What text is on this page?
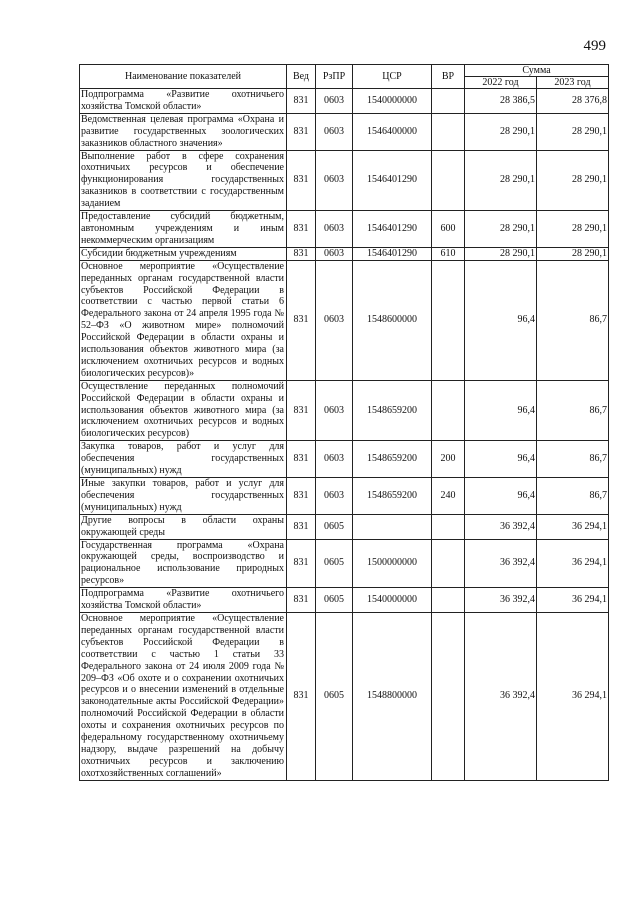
499
Наименование показателей	Вед	РзПР	ЦСР	ВР	Сумма	
					2022 год	2023 год
Подпрограмма «Развитие охотничьего хозяйства Томской области»	831	0603	1540000000		28 386,5	28 376,8
Ведомственная целевая программа «Охрана и развитие государственных зоологических заказников областного значения»	831	0603	1546400000		28 290,1	28 290,1
Выполнение работ в сфере сохранения охотничьих ресурсов и обеспечение функционирования государственных заказников в соответствии с государственным заданием	831	0603	1546401290		28 290,1	28 290,1
Предоставление субсидий бюджетным, автономным учреждениям и иным некоммерческим организациям	831	0603	1546401290	600	28 290,1	28 290,1
Субсидии бюджетным учреждениям	831	0603	1546401290	610	28 290,1	28 290,1
Основное мероприятие «Осуществление переданных органам государственной власти субъектов Российской Федерации в соответствии с частью первой статьи 6 Федерального закона от 24 апреля 1995 года № 52–ФЗ «О животном мире» полномочий Российской Федерации в области охраны и использования объектов животного мира (за исключением охотничьих ресурсов и водных биологических ресурсов)»	831	0603	1548600000		96,4	86,7
Осуществление переданных полномочий Российской Федерации в области охраны и использования объектов животного мира (за исключением охотничьих ресурсов и водных биологических ресурсов)	831	0603	1548659200		96,4	86,7
Закупка товаров, работ и услуг для обеспечения государственных (муниципальных) нужд	831	0603	1548659200	200	96,4	86,7
Иные закупки товаров, работ и услуг для обеспечения государственных (муниципальных) нужд	831	0603	1548659200	240	96,4	86,7
Другие вопросы в области охраны окружающей среды	831	0605			36 392,4	36 294,1
Государственная программа «Охрана окружающей среды, воспроизводство и рациональное использование природных ресурсов»	831	0605	1500000000		36 392,4	36 294,1
Подпрограмма «Развитие охотничьего хозяйства Томской области»	831	0605	1540000000		36 392,4	36 294,1
Основное мероприятие «Осуществление переданных органам государственной власти субъектов Российской Федерации в соответствии с частью 1 статьи 33 Федерального закона от 24 июля 2009 года № 209–ФЗ «Об охоте и о сохранении охотничьих ресурсов и о внесении изменений в отдельные законодательные акты Российской Федерации» полномочий Российской Федерации в области охоты и сохранения охотничьих ресурсов по федеральному государственному охотничьему надзору, выдаче разрешений на добычу охотничьих ресурсов и заключению охотхозяйственных соглашений»	831	0605	1548800000		36 392,4	36 294,1
